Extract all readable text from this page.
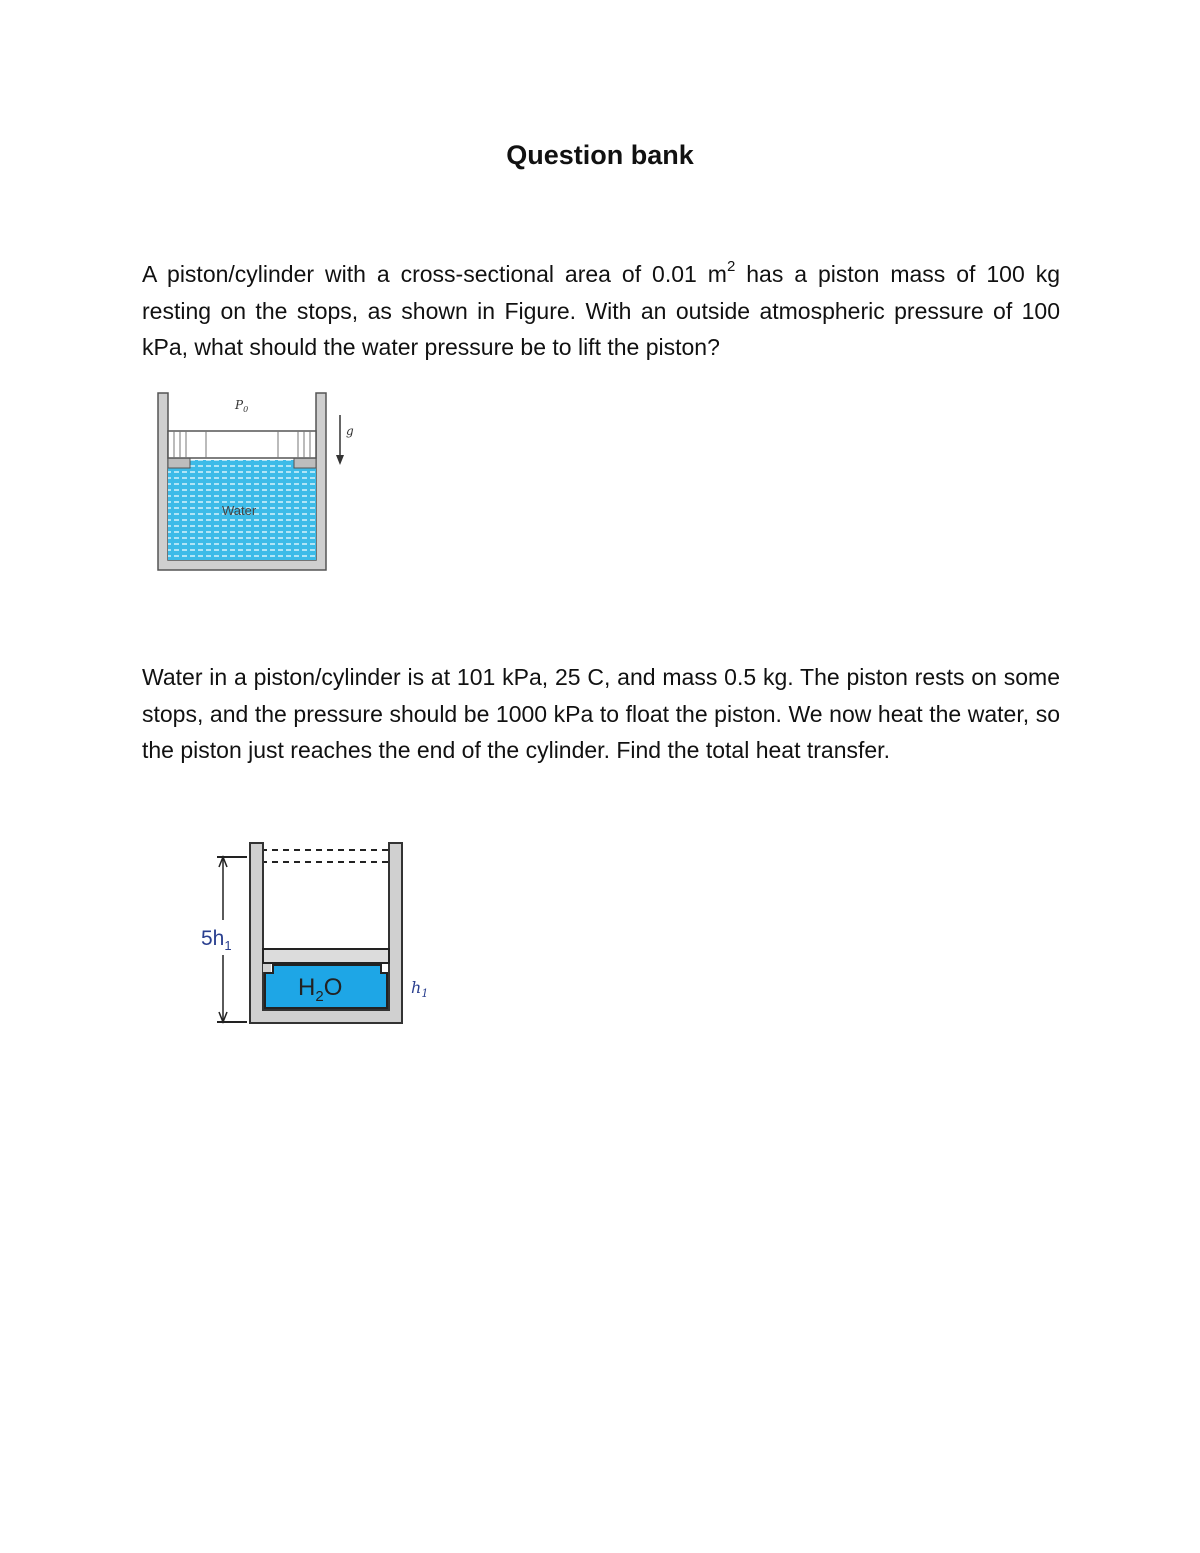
Question bank

A piston/cylinder with a cross-sectional area of 0.01 $m^2$ has a piston mass of 100 kg resting on the stops, as shown in Figure. With an outside atmospheric pressure of 100 kPa, what should the water pressure be to lift the piston?

$P_0$
Water
g

Water in a piston/cylinder is at 101 kPa, 25 C, and mass 0.5 kg. The piston rests on some stops, and the pressure should be 1000 kPa to float the piston. We now heat the water, so the piston just reaches the end of the cylinder. Find the total heat transfer.

$H_2O$
$5h_1$
$h_1$
